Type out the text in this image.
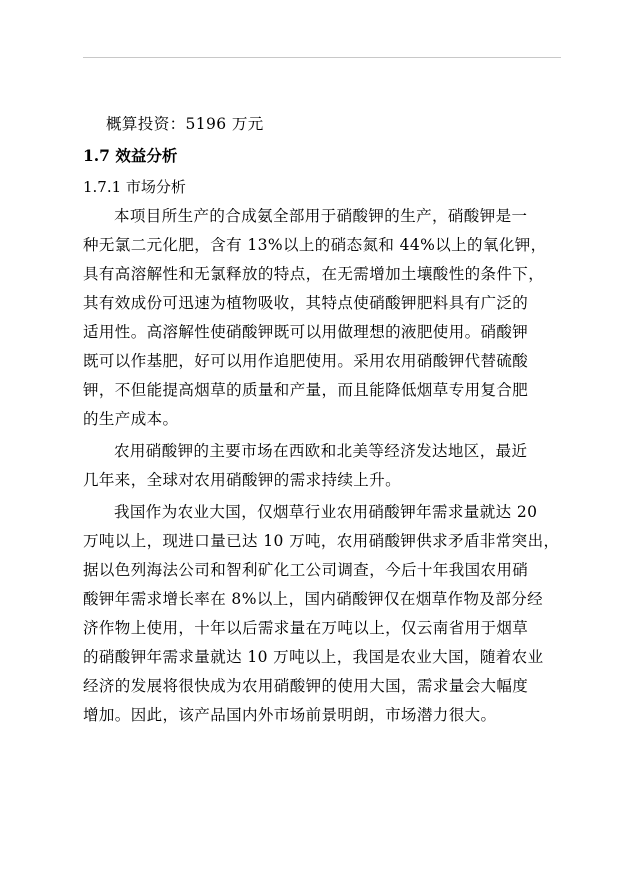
概算投资：5196 万元
1.7 效益分析
1.7.1 市场分析
本项目所生产的合成氨全部用于硝酸钾的生产，硝酸钾是一
种无氯二元化肥，含有 13%以上的硝态氮和 44%以上的氧化钾，
具有高溶解性和无氯释放的特点，在无需增加土壤酸性的条件下，
其有效成份可迅速为植物吸收，其特点使硝酸钾肥料具有广泛的
适用性。高溶解性使硝酸钾既可以用做理想的液肥使用。硝酸钾
既可以作基肥，好可以用作追肥使用。采用农用硝酸钾代替硫酸
钾，不但能提高烟草的质量和产量，而且能降低烟草专用复合肥
的生产成本。
农用硝酸钾的主要市场在西欧和北美等经济发达地区，最近
几年来，全球对农用硝酸钾的需求持续上升。
我国作为农业大国，仅烟草行业农用硝酸钾年需求量就达 20
万吨以上，现进口量已达 10 万吨，农用硝酸钾供求矛盾非常突出，
据以色列海法公司和智利矿化工公司调查，今后十年我国农用硝
酸钾年需求增长率在 8%以上，国内硝酸钾仅在烟草作物及部分经
济作物上使用，十年以后需求量在万吨以上，仅云南省用于烟草
的硝酸钾年需求量就达 10 万吨以上，我国是农业大国，随着农业
经济的发展将很快成为农用硝酸钾的使用大国，需求量会大幅度
增加。因此，该产品国内外市场前景明朗，市场潜力很大。
